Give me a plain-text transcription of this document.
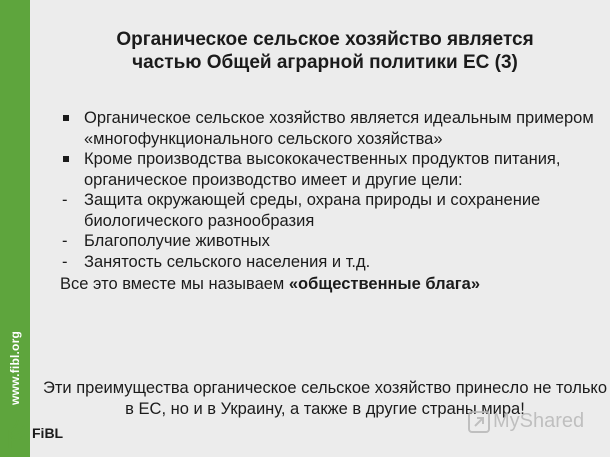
www.fibl.org
FiBL
Органическое сельское хозяйство является
частью Общей аграрной политики ЕС (3)
Органическое сельское хозяйство является идеальным примером «многофункционального сельского хозяйства»
Кроме производства высококачественных продуктов питания, органическое производство имеет и другие цели:
- Защита окружающей среды, охрана природы и сохранение биологического разнообразия
- Благополучие животных
- Занятость сельского населения и т.д.
Все это вместе мы называем «общественные блага»
Эти преимущества органическое сельское хозяйство принесло не только в ЕС, но и в Украину, а также в другие страны мира!
MyShared
